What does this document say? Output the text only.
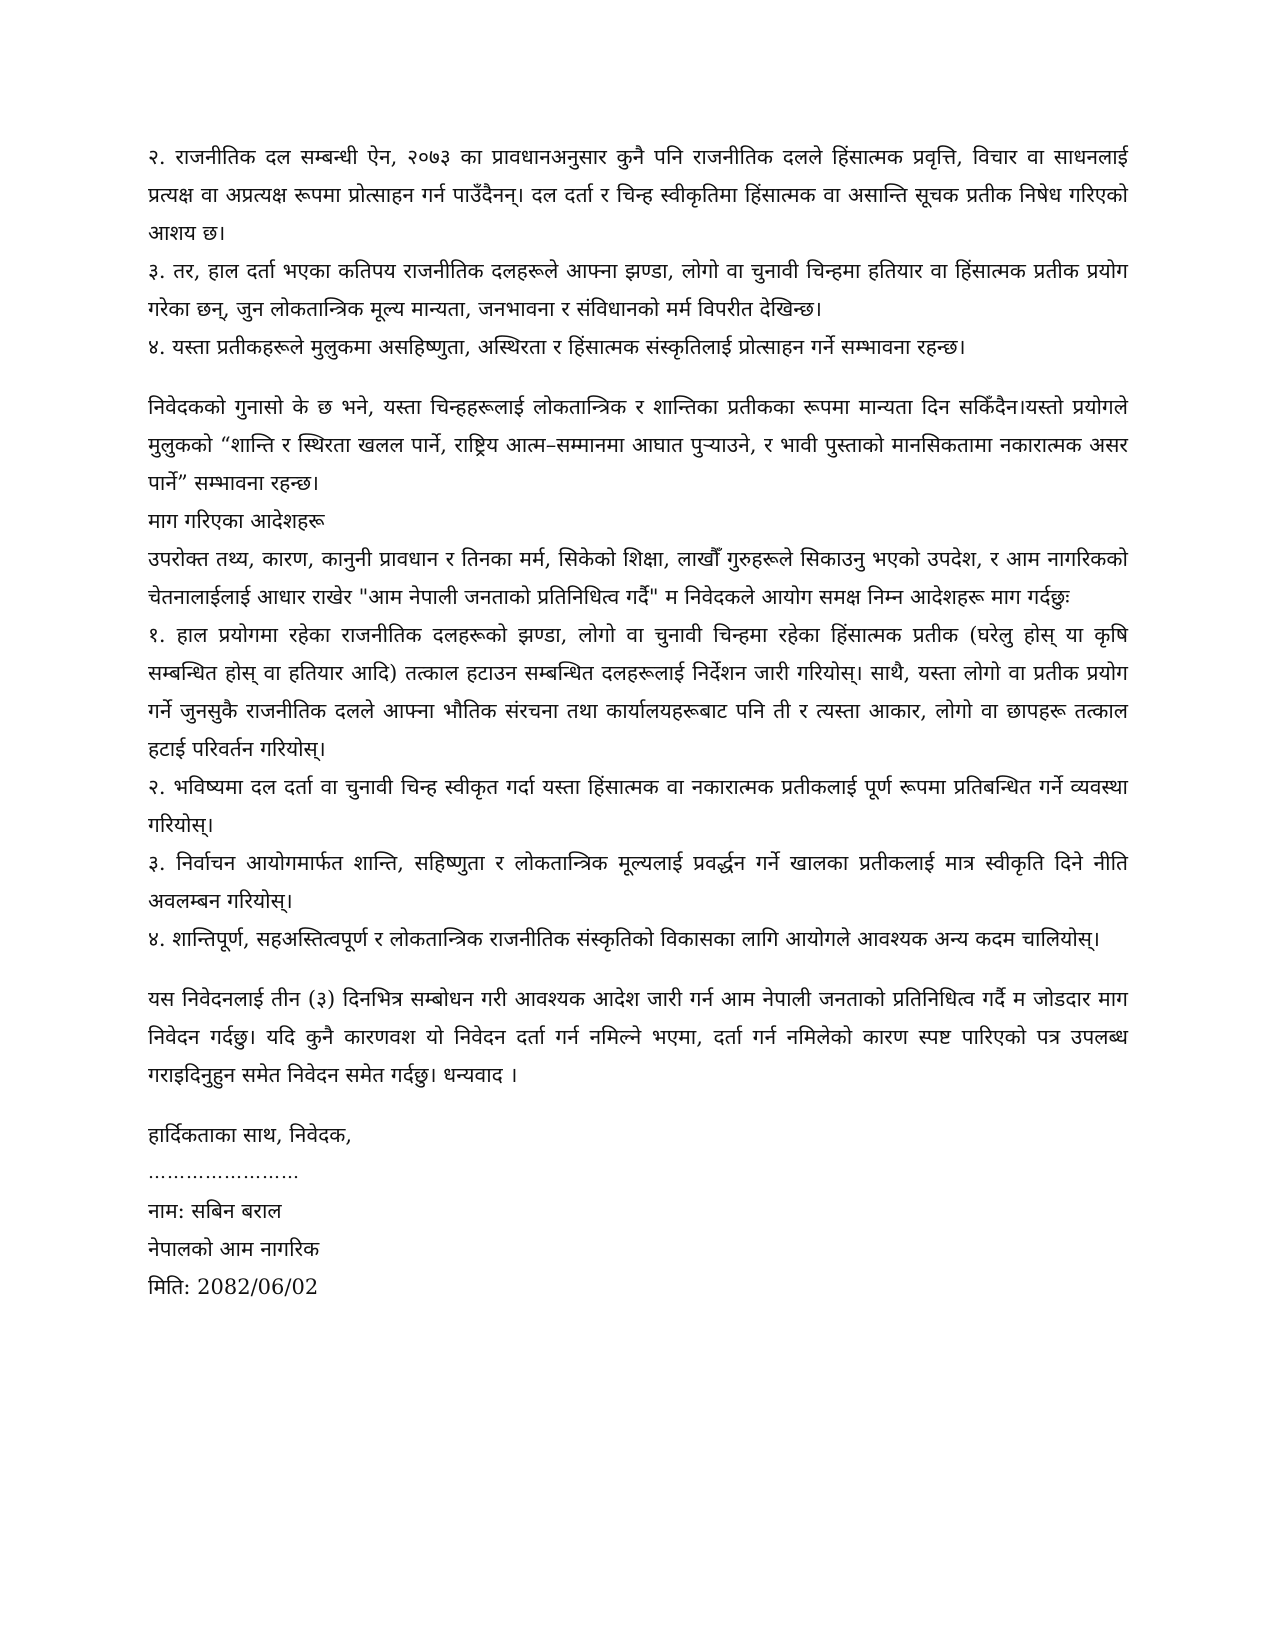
२. राजनीतिक दल सम्बन्धी ऐन, २०७३ का प्रावधानअनुसार कुनै पनि राजनीतिक दलले हिंसात्मक प्रवृत्ति, विचार वा साधनलाई प्रत्यक्ष वा अप्रत्यक्ष रूपमा प्रोत्साहन गर्न पाउँदैनन्। दल दर्ता र चिन्ह स्वीकृतिमा हिंसात्मक वा असान्ति सूचक प्रतीक निषेध गरिएको आशय छ।

३. तर, हाल दर्ता भएका कतिपय राजनीतिक दलहरूले आफ्ना झण्डा, लोगो वा चुनावी चिन्हमा हतियार वा हिंसात्मक प्रतीक प्रयोग गरेका छन्, जुन लोकतान्त्रिक मूल्य मान्यता, जनभावना र संविधानको मर्म विपरीत देखिन्छ।

४. यस्ता प्रतीकहरूले मुलुकमा असहिष्णुता, अस्थिरता र हिंसात्मक संस्कृतिलाई प्रोत्साहन गर्ने सम्भावना रहन्छ।

निवेदकको गुनासो के छ भने, यस्ता चिन्हहरूलाई लोकतान्त्रिक र शान्तिका प्रतीकका रूपमा मान्यता दिन सकिँदैन।यस्तो प्रयोगले मुलुकको “शान्ति र स्थिरता खलल पार्ने, राष्ट्रिय आत्म–सम्मानमा आघात पुर्‍याउने, र भावी पुस्ताको मानसिकतामा नकारात्मक असर पार्ने” सम्भावना रहन्छ।

माग गरिएका आदेशहरू

उपरोक्त तथ्य, कारण, कानुनी प्रावधान र तिनका मर्म, सिकेको शिक्षा, लाखौँ गुरुहरूले सिकाउनु भएको उपदेश, र आम नागरिकको चेतनालाईलाई आधार राखेर "आम नेपाली जनताको प्रतिनिधित्व गर्दै" म निवेदकले आयोग समक्ष निम्न आदेशहरू माग गर्दछुः

१. हाल प्रयोगमा रहेका राजनीतिक दलहरूको झण्डा, लोगो वा चुनावी चिन्हमा रहेका हिंसात्मक प्रतीक (घरेलु होस् या कृषि सम्बन्धित होस् वा हतियार आदि) तत्काल हटाउन सम्बन्धित दलहरूलाई निर्देशन जारी गरियोस्। साथै, यस्ता लोगो वा प्रतीक प्रयोग गर्ने जुनसुकै राजनीतिक दलले आफ्ना भौतिक संरचना तथा कार्यालयहरूबाट पनि ती र त्यस्ता आकार, लोगो वा छापहरू तत्काल हटाई परिवर्तन गरियोस्।

२. भविष्यमा दल दर्ता वा चुनावी चिन्ह स्वीकृत गर्दा यस्ता हिंसात्मक वा नकारात्मक प्रतीकलाई पूर्ण रूपमा प्रतिबन्धित गर्ने व्यवस्था गरियोस्।

३. निर्वाचन आयोगमार्फत शान्ति, सहिष्णुता र लोकतान्त्रिक मूल्यलाई प्रवर्द्धन गर्ने खालका प्रतीकलाई मात्र स्वीकृति दिने नीति अवलम्बन गरियोस्।

४. शान्तिपूर्ण, सहअस्तित्वपूर्ण र लोकतान्त्रिक राजनीतिक संस्कृतिको विकासका लागि आयोगले आवश्यक अन्य कदम चालियोस्।

यस निवेदनलाई तीन (३) दिनभित्र सम्बोधन गरी आवश्यक आदेश जारी गर्न आम नेपाली जनताको प्रतिनिधित्व गर्दै म जोडदार माग निवेदन गर्दछु। यदि कुनै कारणवश यो निवेदन दर्ता गर्न नमिल्ने भएमा, दर्ता गर्न नमिलेको कारण स्पष्ट पारिएको पत्र उपलब्ध गराइदिनुहुन समेत निवेदन समेत गर्दछु। धन्यवाद ।

हार्दिकताका साथ, निवेदक,

……………………

नाम: सबिन बराल

नेपालको आम नागरिक

मिति: 2082/06/02
